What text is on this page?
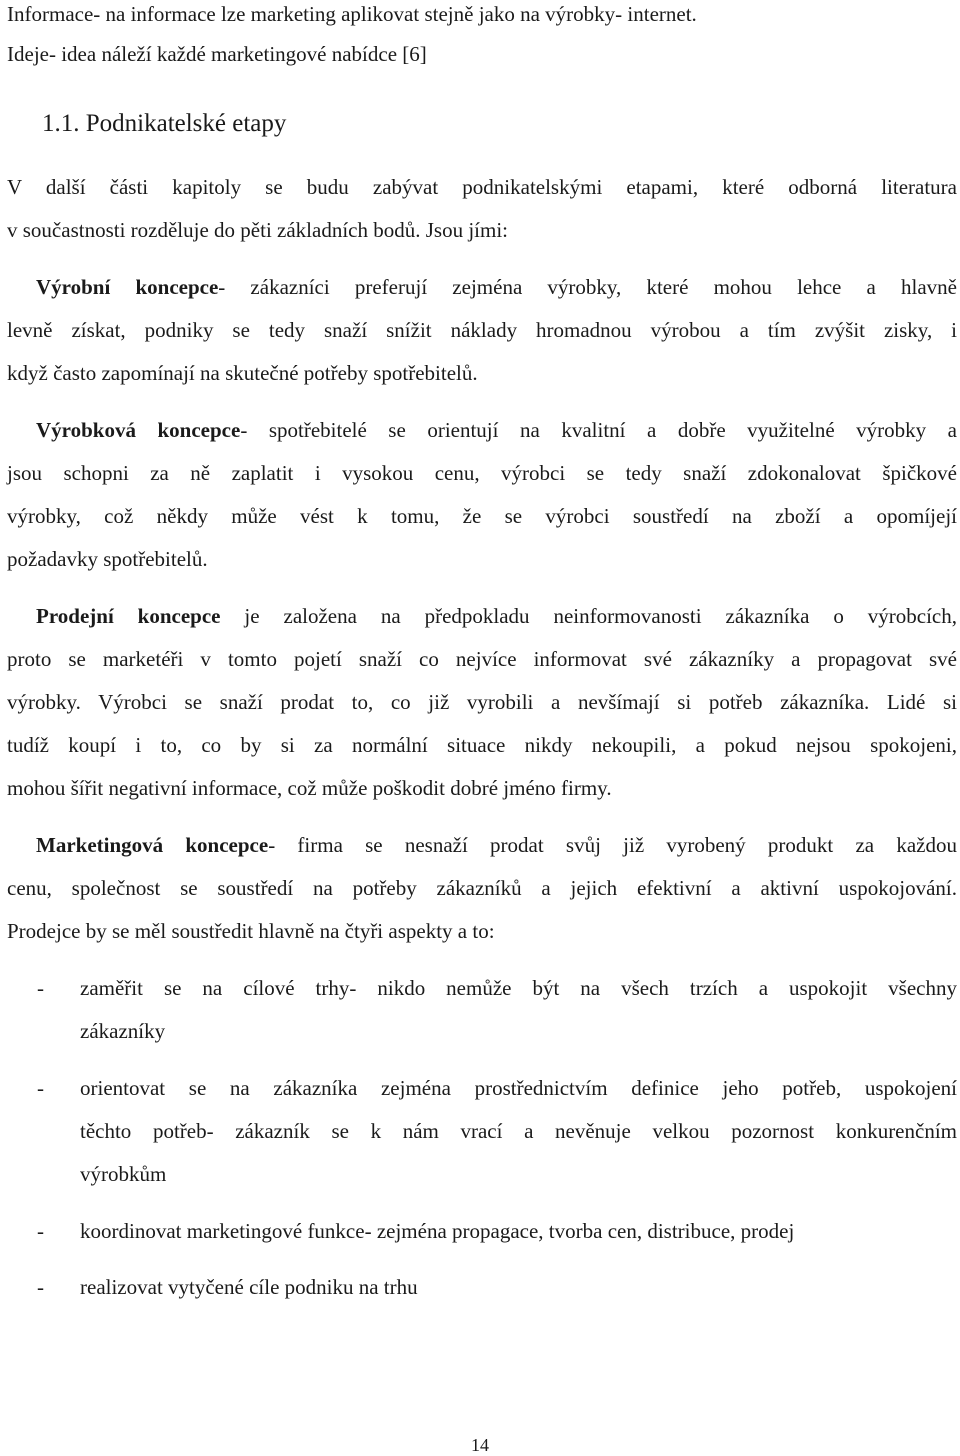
Informace- na informace lze marketing aplikovat stejně jako na výrobky- internet.
Ideje- idea náleží každé marketingové nabídce [6]
1.1. Podnikatelské etapy
V další části kapitoly se budu zabývat podnikatelskými etapami, které odborná literatura
v součastnosti rozděluje do pěti základních bodů. Jsou jími:
Výrobní koncepce- zákazníci preferují zejména výrobky, které mohou lehce a hlavně
levně získat, podniky se tedy snaží snížit náklady hromadnou výrobou a tím zvýšit zisky, i
když často zapomínají na skutečné potřeby spotřebitelů.
Výrobková koncepce- spotřebitelé se orientují na kvalitní a dobře využitelné výrobky a
jsou schopni za ně zaplatit i vysokou cenu, výrobci se tedy snaží zdokonalovat špičkové
výrobky, což někdy může vést k tomu, že se výrobci soustředí na zboží a opomíjejí
požadavky spotřebitelů.
Prodejní koncepce je založena na předpokladu neinformovanosti zákazníka o výrobcích,
proto se marketéři v tomto pojetí snaží co nejvíce informovat své zákazníky a propagovat své
výrobky. Výrobci se snaží prodat to, co již vyrobili a nevšímají si potřeb zákazníka. Lidé si
tudíž koupí i to, co by si za normální situace nikdy nekoupili, a pokud nejsou spokojeni,
mohou šířit negativní informace, což může poškodit dobré jméno firmy.
Marketingová koncepce- firma se nesnaží prodat svůj již vyrobený produkt za každou
cenu, společnost se soustředí na potřeby zákazníků a jejich efektivní a aktivní uspokojování.
Prodejce by se měl soustředit hlavně na čtyři aspekty a to:
- zaměřit se na cílové trhy- nikdo nemůže být na všech trzích a uspokojit všechny
zákazníky
- orientovat se na zákazníka zejména prostřednictvím definice jeho potřeb, uspokojení
těchto potřeb- zákazník se k nám vrací a nevěnuje velkou pozornost konkurenčním
výrobkům
- koordinovat marketingové funkce- zejména propagace, tvorba cen, distribuce, prodej
- realizovat vytyčené cíle podniku na trhu
14
